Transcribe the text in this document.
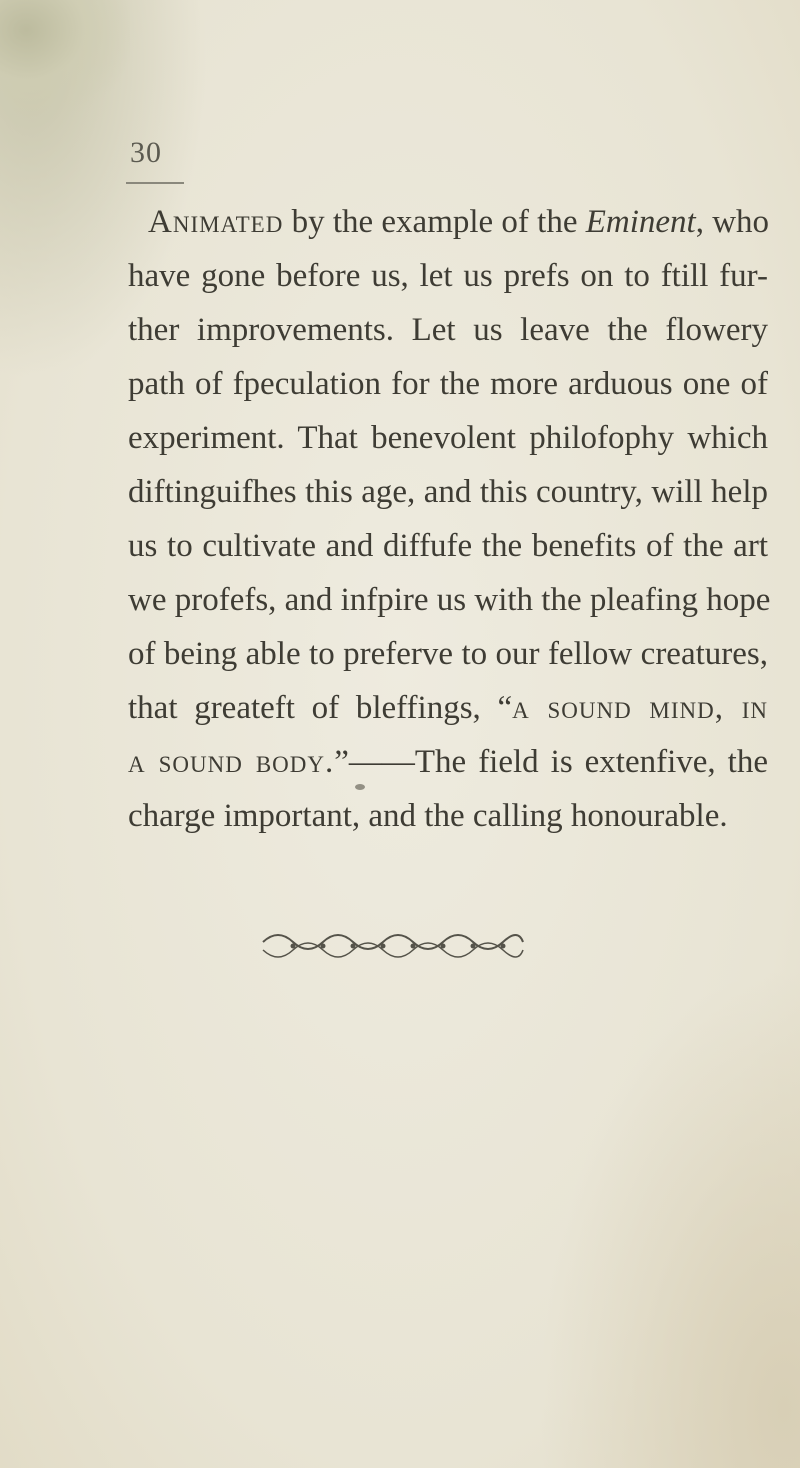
30
Animated by the example of the Eminent, who
have gone before us, let us prefs on to ftill fur-
ther improvements. Let us leave the flowery
path of fpeculation for the more arduous one of
experiment. That benevolent philofophy which
diftinguifhes this age, and this country, will help
us to cultivate and diffufe the benefits of the art
we profefs, and infpire us with the pleafing hope
of being able to preferve to our fellow creatures,
that greateft of bleffings, “a sound mind, in
a sound body.”——The field is extenfive, the
charge important, and the calling honourable.
